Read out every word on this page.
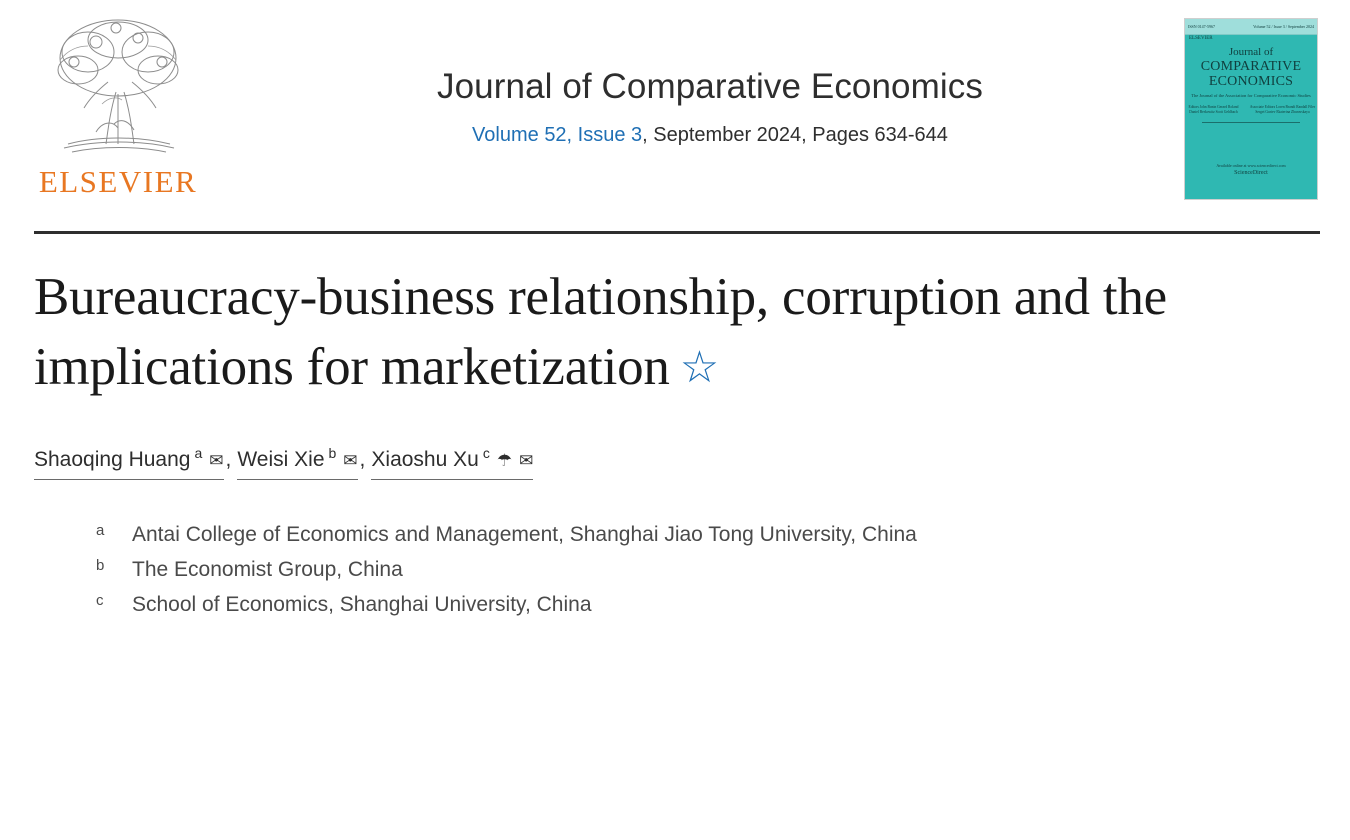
ELSEVIER
Journal of Comparative Economics
Volume 52, Issue 3, September 2024, Pages 634-644
ISSN 0147-5967	Volume 52 / Issue 3 / September 2024
ELSEVIER
Journal of
COMPARATIVE
ECONOMICS
The Journal of the Association for Comparative Economic Studies
Editors John Bonin Gerard Roland Daniel Berkowitz Scott Gehlbach
Associate Editors Loren Brandt Randall Filer Sergei Guriev Ekaterina Zhuravskaya
Available online at www.sciencedirect.com
ScienceDirect
Bureaucracy-business relationship, corruption and the implications for marketization ☆
Shaoqing Huang $^a$ ✉, Weisi Xie $^b$ ✉, Xiaoshu Xu $^c$ ☂ ✉
a	Antai College of Economics and Management, Shanghai Jiao Tong University, China
b	The Economist Group, China
c	School of Economics, Shanghai University, China
